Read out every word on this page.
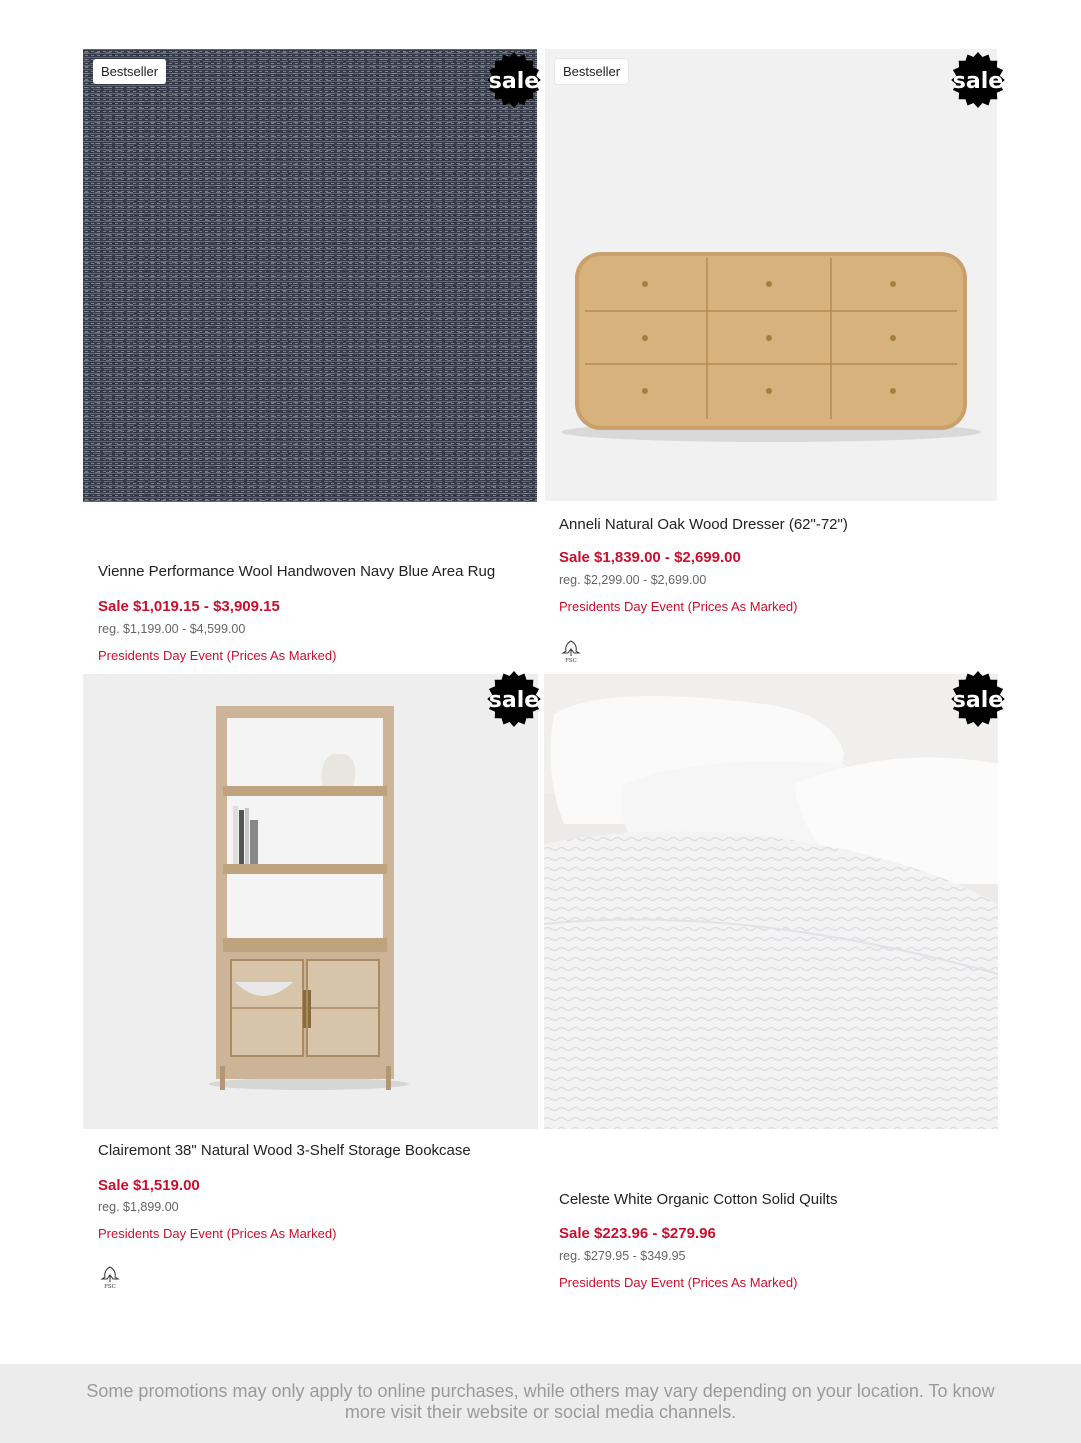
Bestseller	sale
Vienne Performance Wool Handwoven Navy Blue Area Rug
Sale $1,019.15 - $3,909.15
reg. $1,199.00 - $4,599.00
Presidents Day Event (Prices As Marked)
Bestseller	sale
Anneli Natural Oak Wood Dresser (62"-72")
Sale $1,839.00 - $2,699.00
reg. $2,299.00 - $2,699.00
Presidents Day Event (Prices As Marked)
FSC
sale
Clairemont 38" Natural Wood 3-Shelf Storage Bookcase
Sale $1,519.00
reg. $1,899.00
Presidents Day Event (Prices As Marked)
FSC
sale
Celeste White Organic Cotton Solid Quilts
Sale $223.96 - $279.96
reg. $279.95 - $349.95
Presidents Day Event (Prices As Marked)

Some promotions may only apply to online purchases, while others may vary depending on your location. To know more visit their website or social media channels.
